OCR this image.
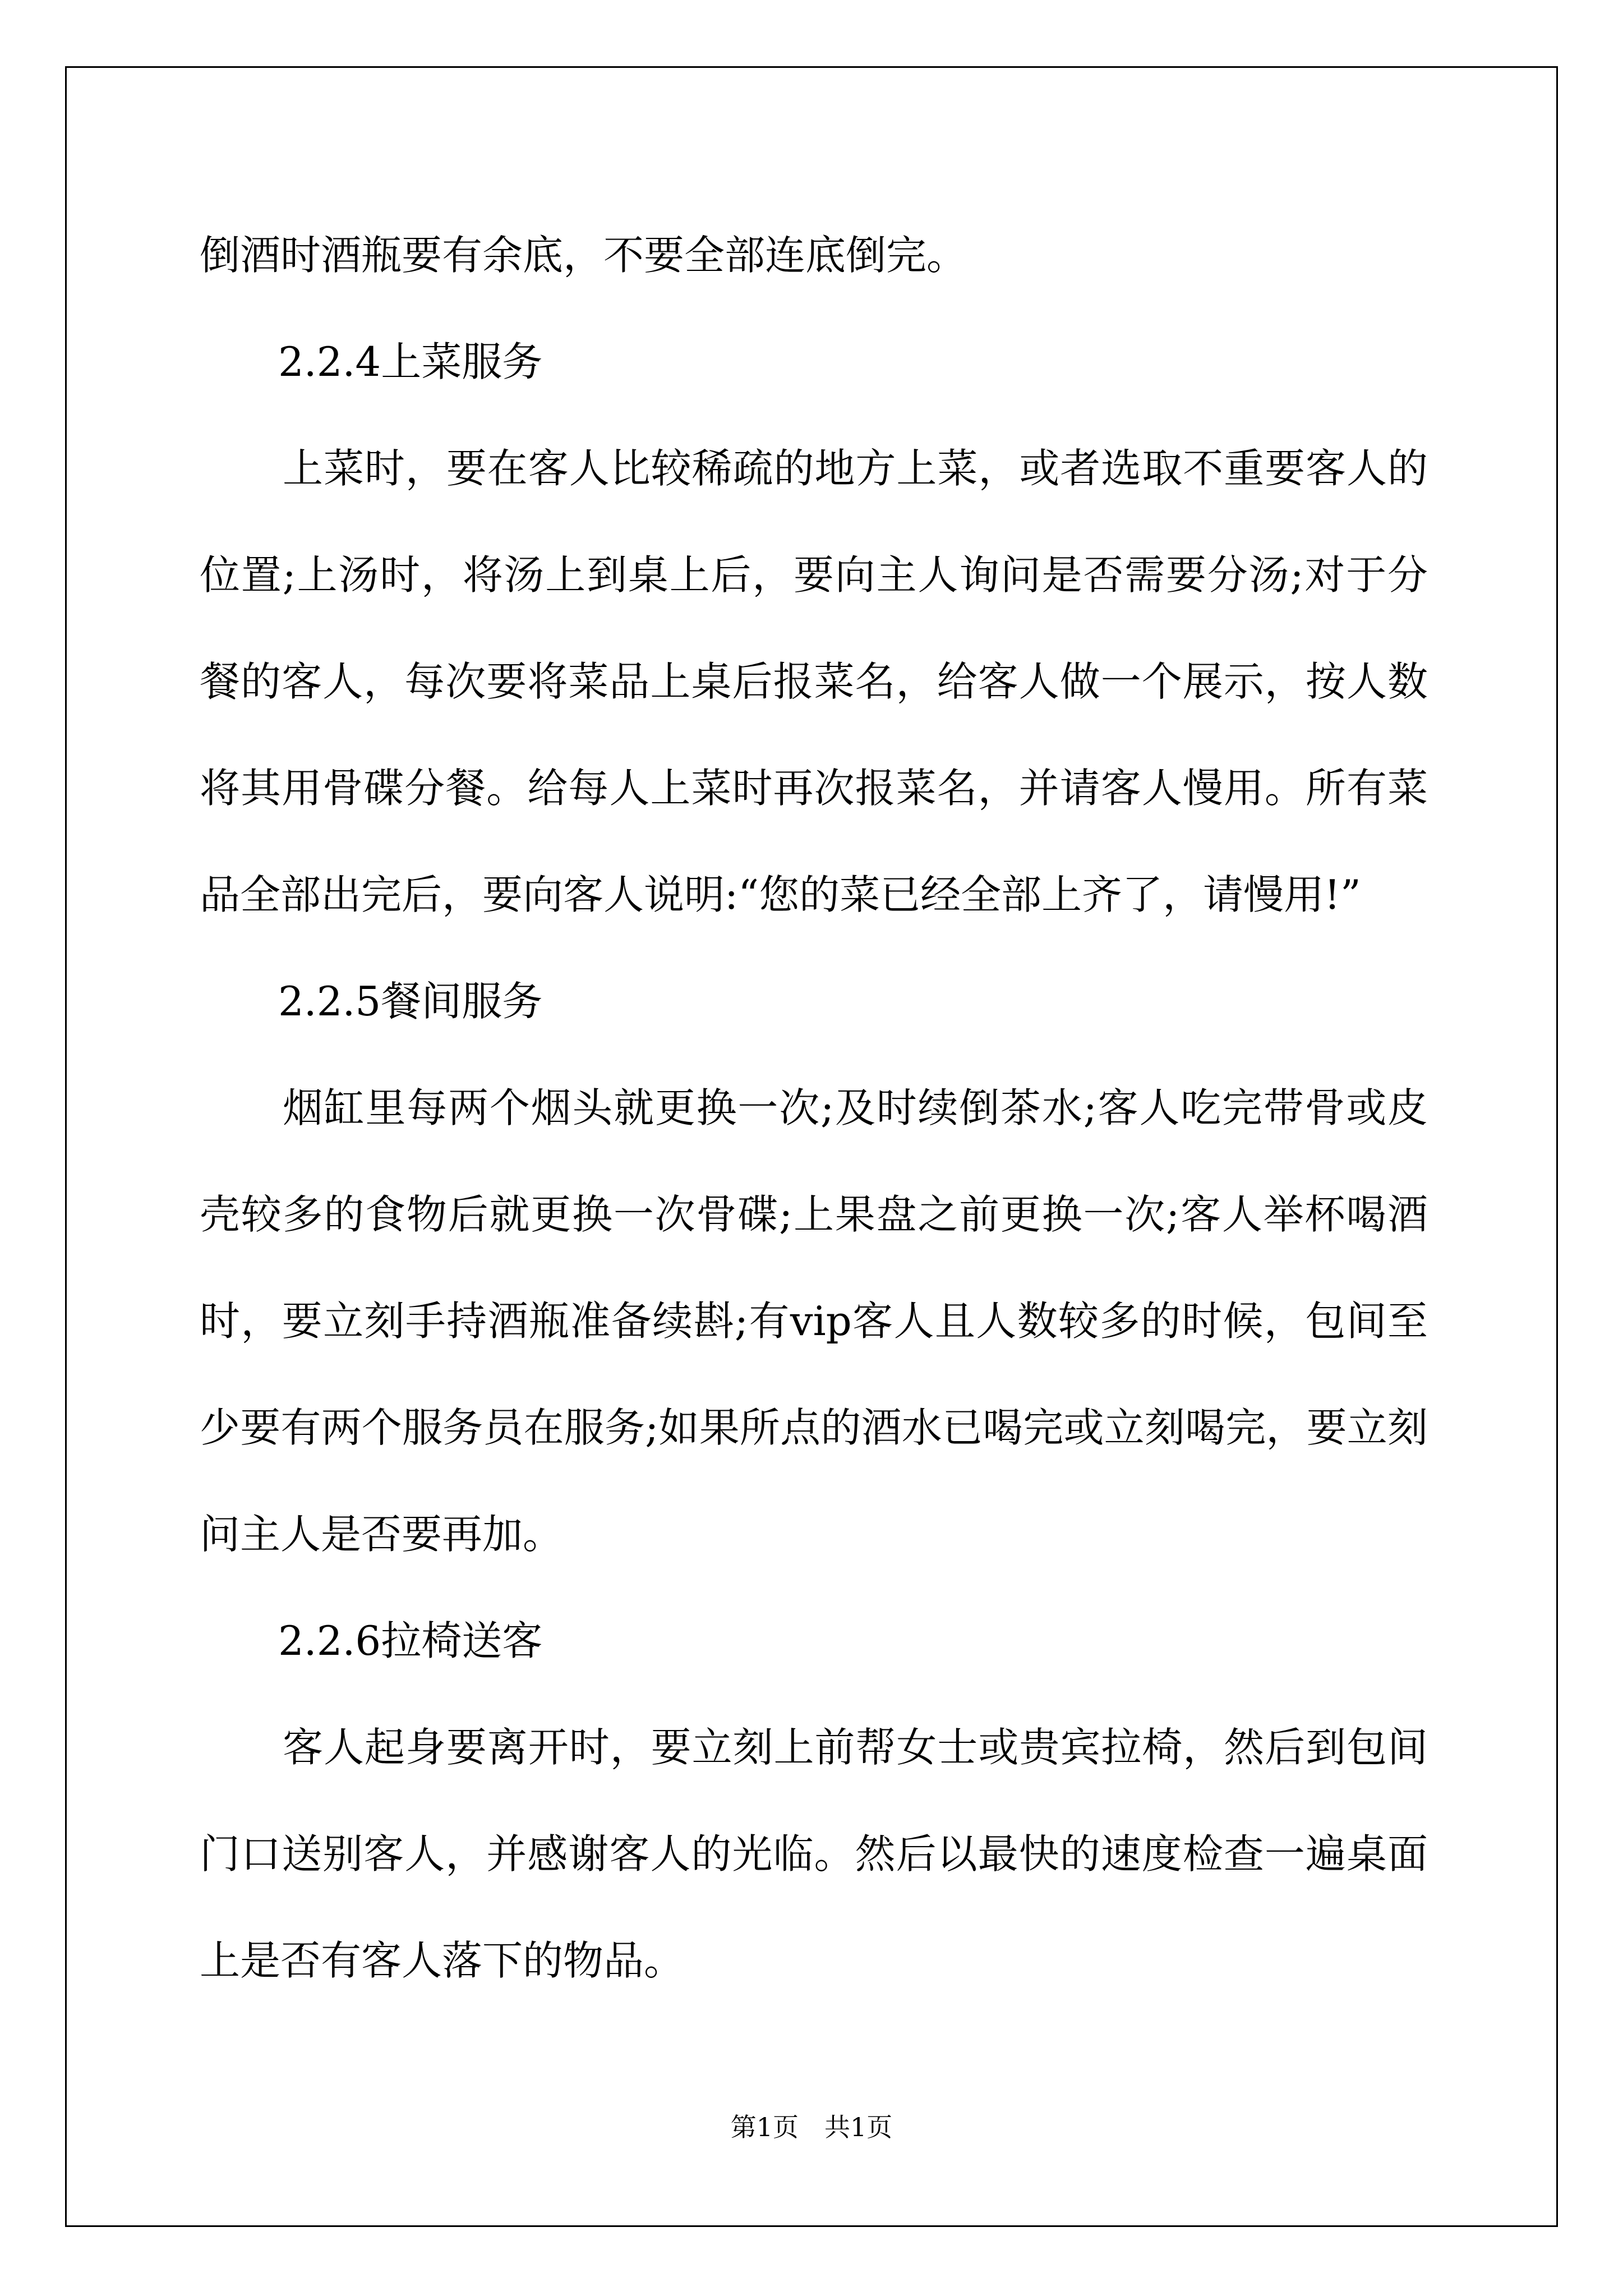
倒酒时酒瓶要有余底，不要全部连底倒完。

2.2.4上菜服务

上菜时，要在客人比较稀疏的地方上菜，或者选取不重要客人的位置;上汤时，将汤上到桌上后，要向主人询问是否需要分汤;对于分餐的客人，每次要将菜品上桌后报菜名，给客人做一个展示，按人数将其用骨碟分餐。给每人上菜时再次报菜名，并请客人慢用。所有菜品全部出完后，要向客人说明:“您的菜已经全部上齐了，请慢用!”

2.2.5餐间服务

烟缸里每两个烟头就更换一次;及时续倒茶水;客人吃完带骨或皮壳较多的食物后就更换一次骨碟;上果盘之前更换一次;客人举杯喝酒时，要立刻手持酒瓶准备续斟;有vip客人且人数较多的时候，包间至少要有两个服务员在服务;如果所点的酒水已喝完或立刻喝完，要立刻问主人是否要再加。

2.2.6拉椅送客

客人起身要离开时，要立刻上前帮女士或贵宾拉椅，然后到包间门口送别客人，并感谢客人的光临。然后以最快的速度检查一遍桌面上是否有客人落下的物品。

第1页　共1页
